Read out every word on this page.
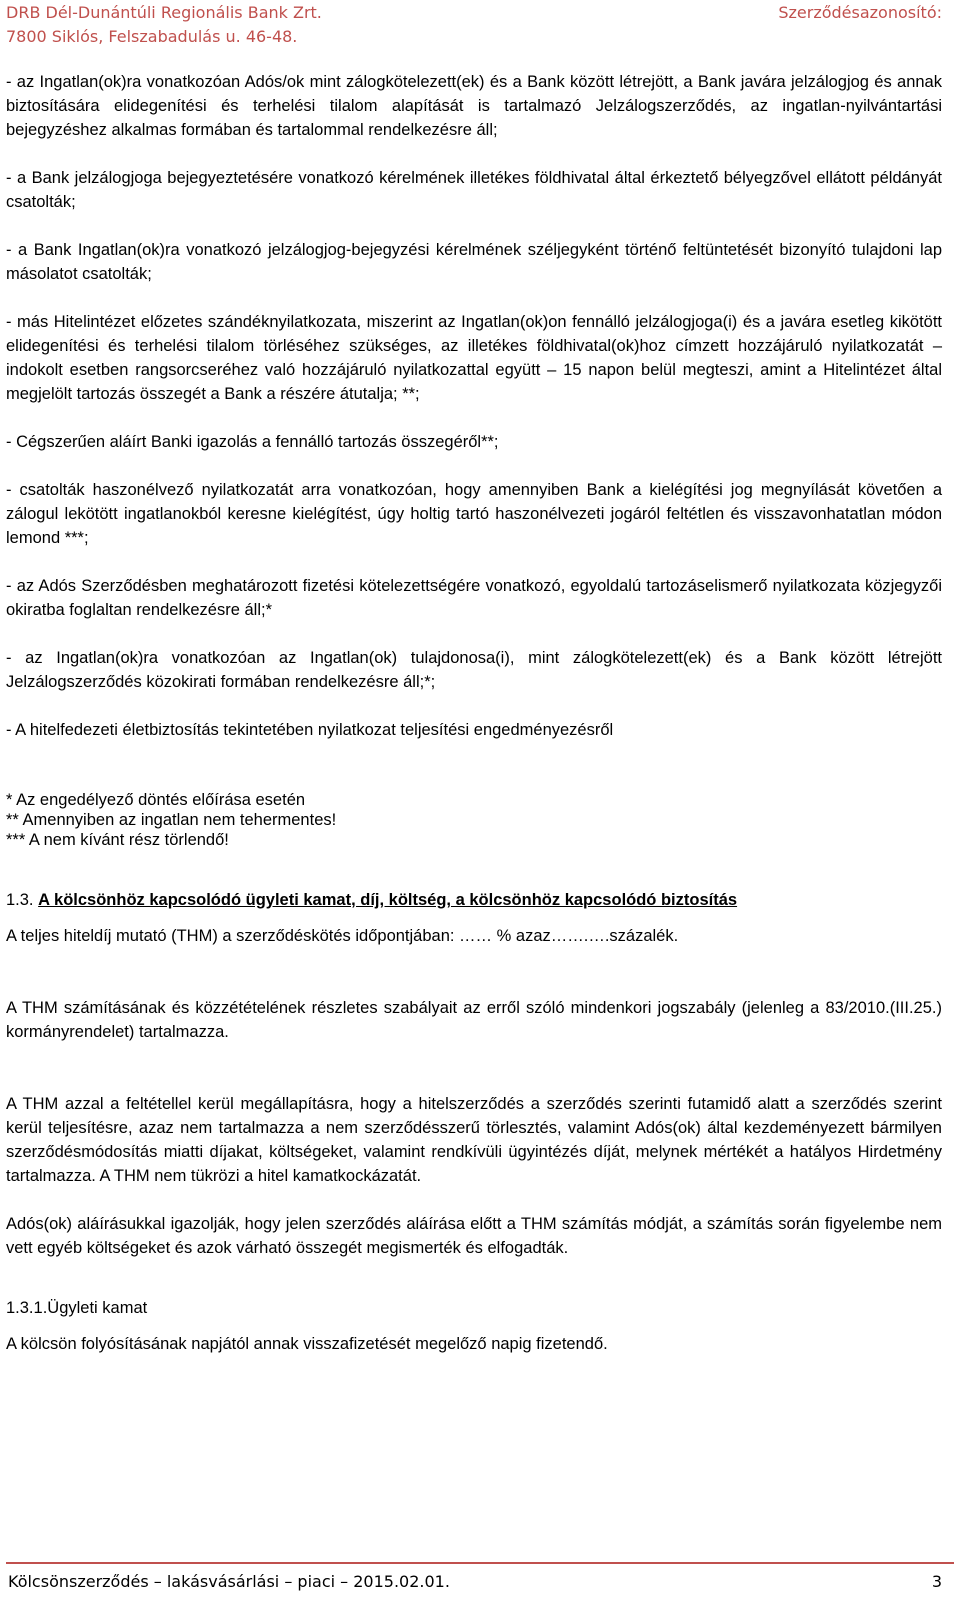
DRB Dél-Dunántúli Regionális Bank Zrt.
7800 Siklós, Felszabadulás u. 46-48.
Szerződésazonosító:

- az Ingatlan(ok)ra vonatkozóan Adós/ok mint zálogkötelezett(ek) és a Bank között létrejött, a Bank javára jelzálogjog és annak biztosítására elidegenítési és terhelési tilalom alapítását is tartalmazó Jelzálogszerződés, az ingatlan-nyilvántartási bejegyzéshez alkalmas formában és tartalommal rendelkezésre áll;

- a Bank jelzálogjoga bejegyeztetésére vonatkozó kérelmének illetékes földhivatal által érkeztető bélyegzővel ellátott példányát csatolták;

- a Bank Ingatlan(ok)ra vonatkozó jelzálogjog-bejegyzési kérelmének széljegyként történő feltüntetését bizonyító tulajdoni lap másolatot csatolták;

- más Hitelintézet előzetes szándéknyilatkozata, miszerint az Ingatlan(ok)on fennálló jelzálogjoga(i) és a javára esetleg kikötött elidegenítési és terhelési tilalom törléséhez szükséges, az illetékes földhivatal(ok)hoz címzett hozzájáruló nyilatkozatát – indokolt esetben rangsorcseréhez való hozzájáruló nyilatkozattal együtt – 15 napon belül megteszi, amint a Hitelintézet által megjelölt tartozás összegét a Bank a részére átutalja; **;

- Cégszerűen aláírt Banki igazolás a fennálló tartozás összegéről**;

- csatolták haszonélvező nyilatkozatát arra vonatkozóan, hogy amennyiben Bank a kielégítési jog megnyílását követően a zálogul lekötött ingatlanokból keresne kielégítést, úgy holtig tartó haszonélvezeti jogáról feltétlen és visszavonhatatlan módon lemond ***;

- az Adós Szerződésben meghatározott fizetési kötelezettségére vonatkozó, egyoldalú tartozáselismerő nyilatkozata közjegyzői okiratba foglaltan rendelkezésre áll;*

- az Ingatlan(ok)ra vonatkozóan az Ingatlan(ok) tulajdonosa(i), mint zálogkötelezett(ek) és a Bank között létrejött Jelzálogszerződés közokirati formában rendelkezésre áll;*;

- A hitelfedezeti életbiztosítás tekintetében nyilatkozat teljesítési engedményezésről

* Az engedélyező döntés előírása esetén
** Amennyiben az ingatlan nem tehermentes!
*** A nem kívánt rész törlendő!

1.3. A kölcsönhöz kapcsolódó ügyleti kamat, díj, költség, a kölcsönhöz kapcsolódó biztosítás

A teljes hiteldíj mutató (THM) a szerződéskötés időpontjában: …… % azaz…….….százalék.

A THM számításának és közzétételének részletes szabályait az erről szóló mindenkori jogszabály (jelenleg a 83/2010.(III.25.) kormányrendelet) tartalmazza.

A THM azzal a feltétellel kerül megállapításra, hogy a hitelszerződés a szerződés szerinti futamidő alatt a szerződés szerint kerül teljesítésre, azaz nem tartalmazza a nem szerződésszerű törlesztés, valamint Adós(ok) által kezdeményezett bármilyen szerződésmódosítás miatti díjakat, költségeket, valamint rendkívüli ügyintézés díját, melynek mértékét a hatályos Hirdetmény tartalmazza. A THM nem tükrözi a hitel kamatkockázatát.

Adós(ok) aláírásukkal igazolják, hogy jelen szerződés aláírása előtt a THM számítás módját, a számítás során figyelembe nem vett egyéb költségeket és azok várható összegét megismerték és elfogadták.

1.3.1.Ügyleti kamat

A kölcsön folyósításának napjától annak visszafizetését megelőző napig fizetendő.

Kölcsönszerződés – lakásvásárlási – piaci – 2015.02.01.	3
